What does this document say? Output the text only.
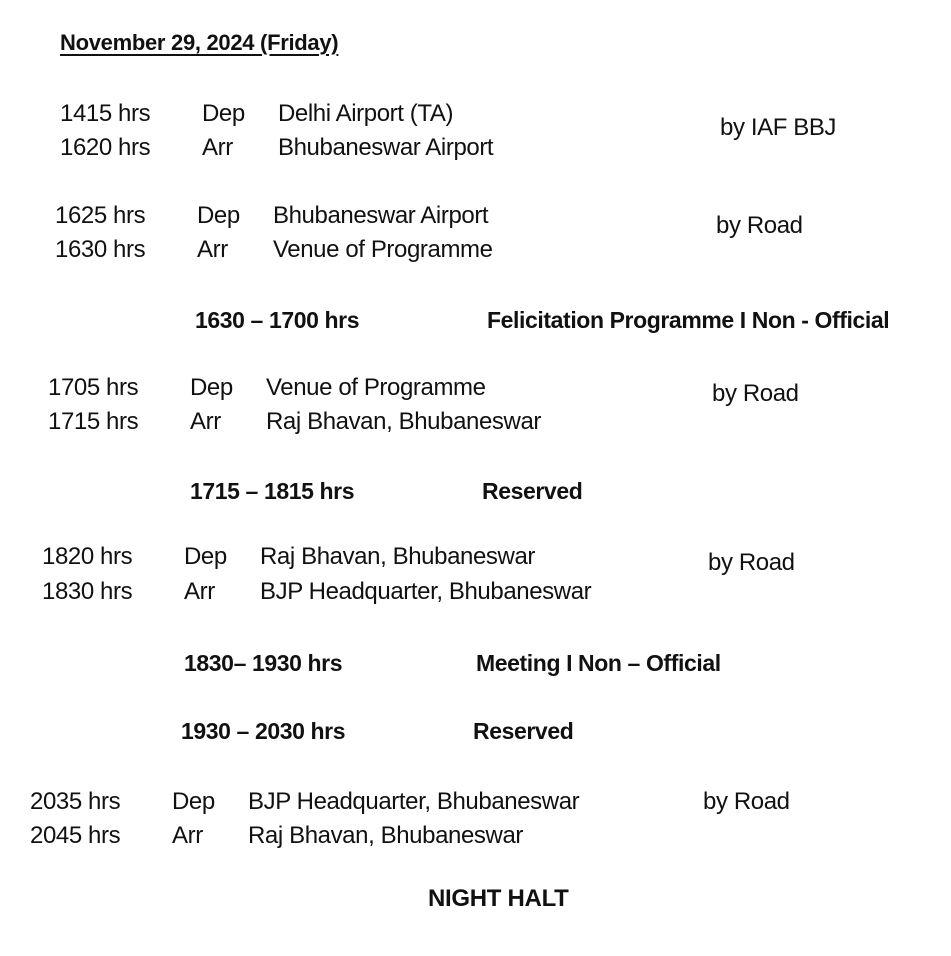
November 29, 2024 (Friday)
1415 hrs Dep Delhi Airport (TA)
1620 hrs Arr Bhubaneswar Airport
by IAF BBJ
1625 hrs Dep Bhubaneswar Airport
1630 hrs Arr Venue of Programme
by Road
1630 – 1700 hrs	Felicitation Programme I Non - Official
1705 hrs Dep Venue of Programme
1715 hrs Arr Raj Bhavan, Bhubaneswar
by Road
1715 – 1815 hrs	Reserved
1820 hrs Dep Raj Bhavan, Bhubaneswar
1830 hrs Arr BJP Headquarter, Bhubaneswar
by Road
1830– 1930 hrs	Meeting I Non – Official
1930 – 2030 hrs	Reserved
2035 hrs Dep BJP Headquarter, Bhubaneswar
2045 hrs Arr Raj Bhavan, Bhubaneswar
by Road
NIGHT HALT
